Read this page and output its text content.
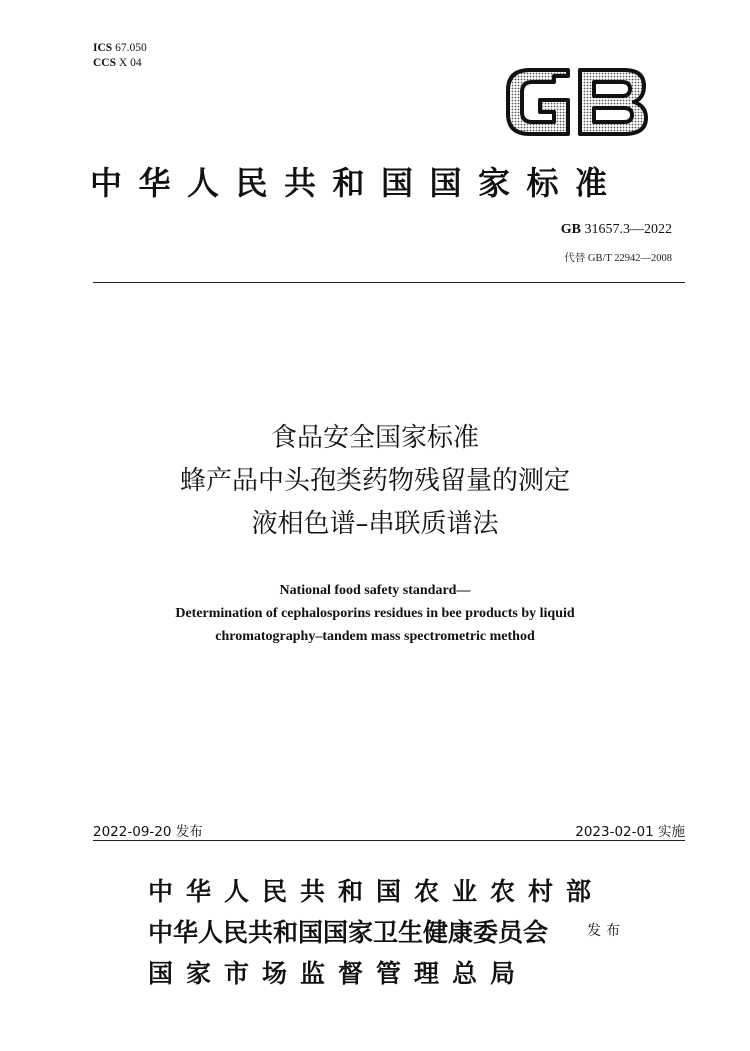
ICS 67.050
CCS X 04
中华人民共和国国家标准
GB 31657.3—2022
代替 GB/T 22942—2008
食品安全国家标准
蜂产品中头孢类药物残留量的测定
液相色谱–串联质谱法
National food safety standard—
Determination of cephalosporins residues in bee products by liquid
chromatography–tandem mass spectrometric method
2022-09-20 发布	2023-02-01 实施
中华人民共和国农业农村部
中华人民共和国国家卫生健康委员会	发布
国家市场监督管理总局
